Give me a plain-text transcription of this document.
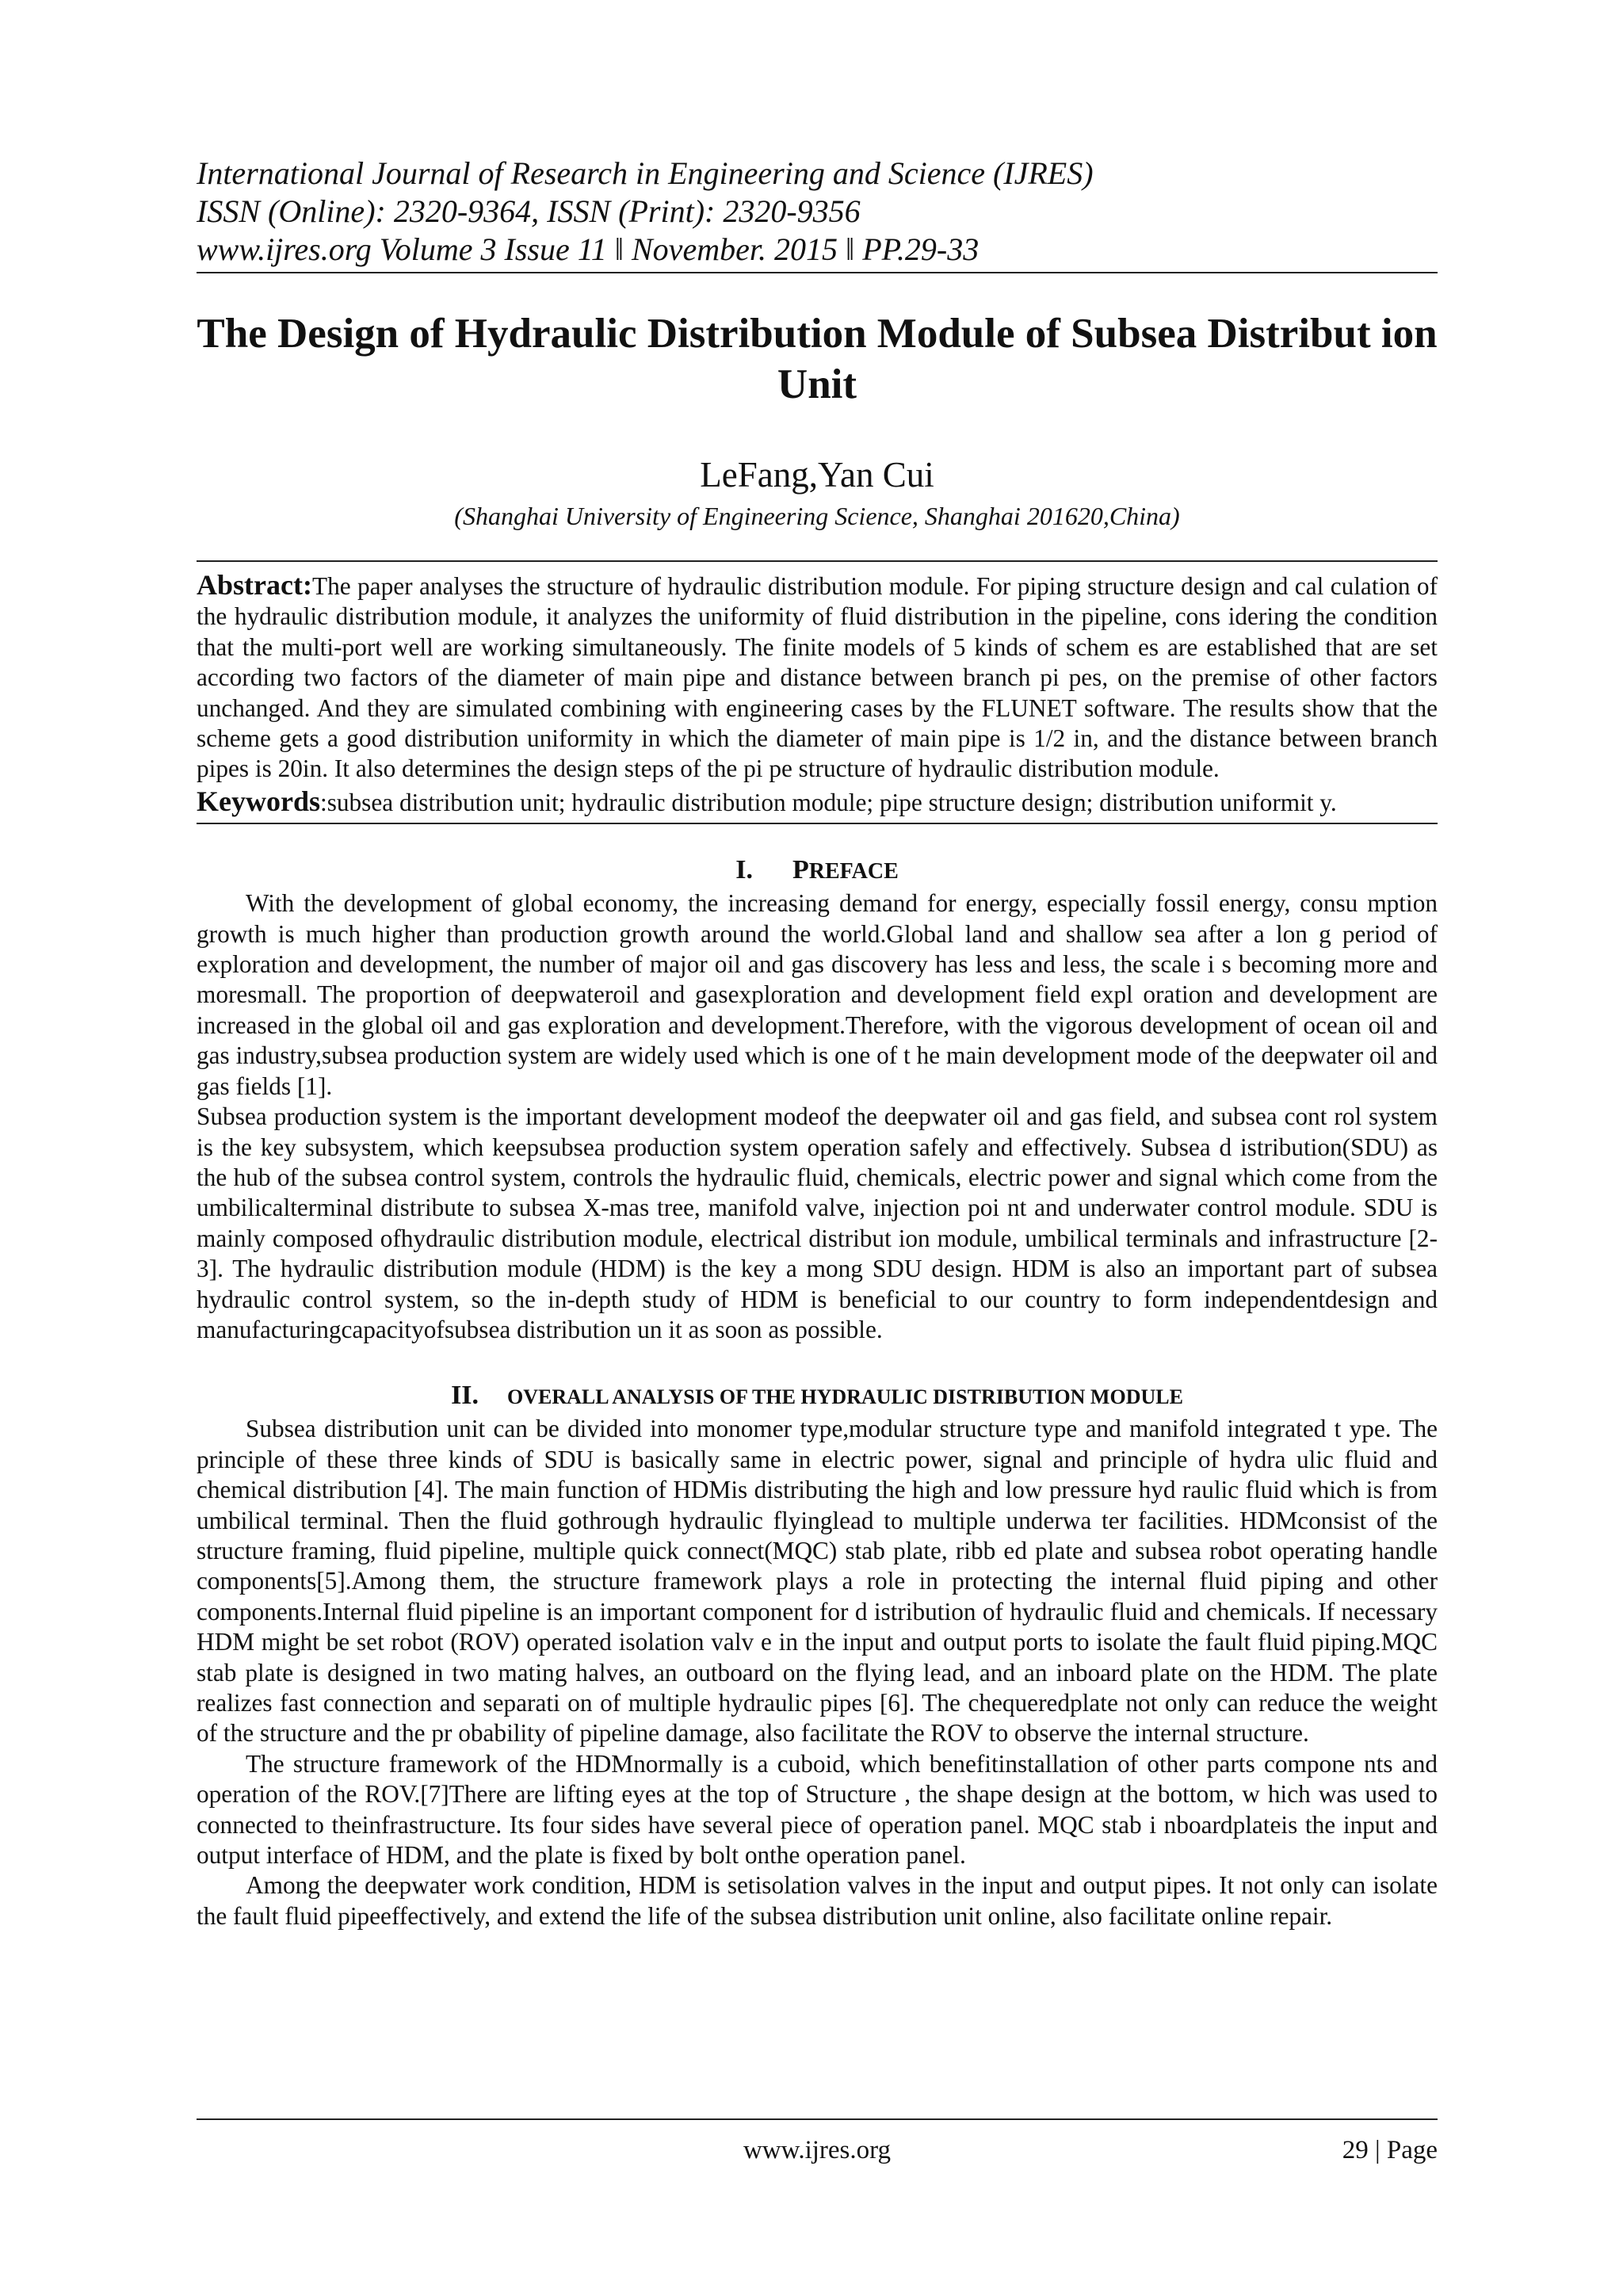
International Journal of Research in Engineering and Science (IJRES)

ISSN (Online): 2320-9364, ISSN (Print): 2320-9356

www.ijres.org Volume 3 Issue 11 ǁ November. 2015 ǁ PP.29-33

The Design of Hydraulic Distribution Module of Subsea Distribut ion Unit

LeFang,Yan Cui

(Shanghai University of Engineering Science, Shanghai 201620,China)

Abstract:The paper analyses the structure of hydraulic distribution module. For piping structure design and cal culation of the hydraulic distribution module, it analyzes the uniformity of fluid distribution in the pipeline, cons idering the condition that the multi-port well are working simultaneously. The finite models of 5 kinds of schem es are established that are set according two factors of the diameter of main pipe and distance between branch pi pes, on the premise of other factors unchanged. And they are simulated combining with engineering cases by the FLUNET software. The results show that the scheme gets a good distribution uniformity in which the diameter of main pipe is 1/2 in, and the distance between branch pipes is 20in. It also determines the design steps of the pi pe structure of hydraulic distribution module.

Keywords:subsea distribution unit; hydraulic distribution module; pipe structure design; distribution uniformit y.

I. PREFACE

With the development of global economy, the increasing demand for energy, especially fossil energy, consu mption growth is much higher than production growth around the world.Global land and shallow sea after a lon g period of exploration and development, the number of major oil and gas discovery has less and less, the scale i s becoming more and moresmall. The proportion of deepwateroil and gasexploration and development field expl oration and development are increased in the global oil and gas exploration and development.Therefore, with the vigorous development of ocean oil and gas industry,subsea production system are widely used which is one of t he main development mode of the deepwater oil and gas fields [1].

Subsea production system is the important development modeof the deepwater oil and gas field, and subsea cont rol system is the key subsystem, which keepsubsea production system operation safely and effectively. Subsea d istribution(SDU) as the hub of the subsea control system, controls the hydraulic fluid, chemicals, electric power and signal which come from the umbilicalterminal distribute to subsea X-mas tree, manifold valve, injection poi nt and underwater control module. SDU is mainly composed ofhydraulic distribution module, electrical distribut ion module, umbilical terminals and infrastructure [2-3]. The hydraulic distribution module (HDM) is the key a mong SDU design. HDM is also an important part of subsea hydraulic control system, so the in-depth study of HDM is beneficial to our country to form independentdesign and manufacturingcapacityofsubsea distribution un it as soon as possible.

II. OVERALL ANALYSIS OF THE HYDRAULIC DISTRIBUTION MODULE

Subsea distribution unit can be divided into monomer type,modular structure type and manifold integrated t ype. The principle of these three kinds of SDU is basically same in electric power, signal and principle of hydra ulic fluid and chemical distribution [4]. The main function of HDMis distributing the high and low pressure hyd raulic fluid which is from umbilical terminal. Then the fluid gothrough hydraulic flyinglead to multiple underwa ter facilities. HDMconsist of the structure framing, fluid pipeline, multiple quick connect(MQC) stab plate, ribb ed plate and subsea robot operating handle components[5].Among them, the structure framework plays a role in protecting the internal fluid piping and other components.Internal fluid pipeline is an important component for d istribution of hydraulic fluid and chemicals. If necessary HDM might be set robot (ROV) operated isolation valv e in the input and output ports to isolate the fault fluid piping.MQC stab plate is designed in two mating halves, an outboard on the flying lead, and an inboard plate on the HDM. The plate realizes fast connection and separati on of multiple hydraulic pipes [6]. The chequeredplate not only can reduce the weight of the structure and the pr obability of pipeline damage, also facilitate the ROV to observe the internal structure.

The structure framework of the HDMnormally is a cuboid, which benefitinstallation of other parts compone nts and operation of the ROV.[7]There are lifting eyes at the top of Structure , the shape design at the bottom, w hich was used to connected to theinfrastructure. Its four sides have several piece of operation panel. MQC stab i nboardplateis the input and output interface of HDM, and the plate is fixed by bolt onthe operation panel.

Among the deepwater work condition, HDM is setisolation valves in the input and output pipes. It not only can isolate the fault fluid pipeeffectively, and extend the life of the subsea distribution unit online, also facilitate online repair.

www.ijres.org	29 | Page
